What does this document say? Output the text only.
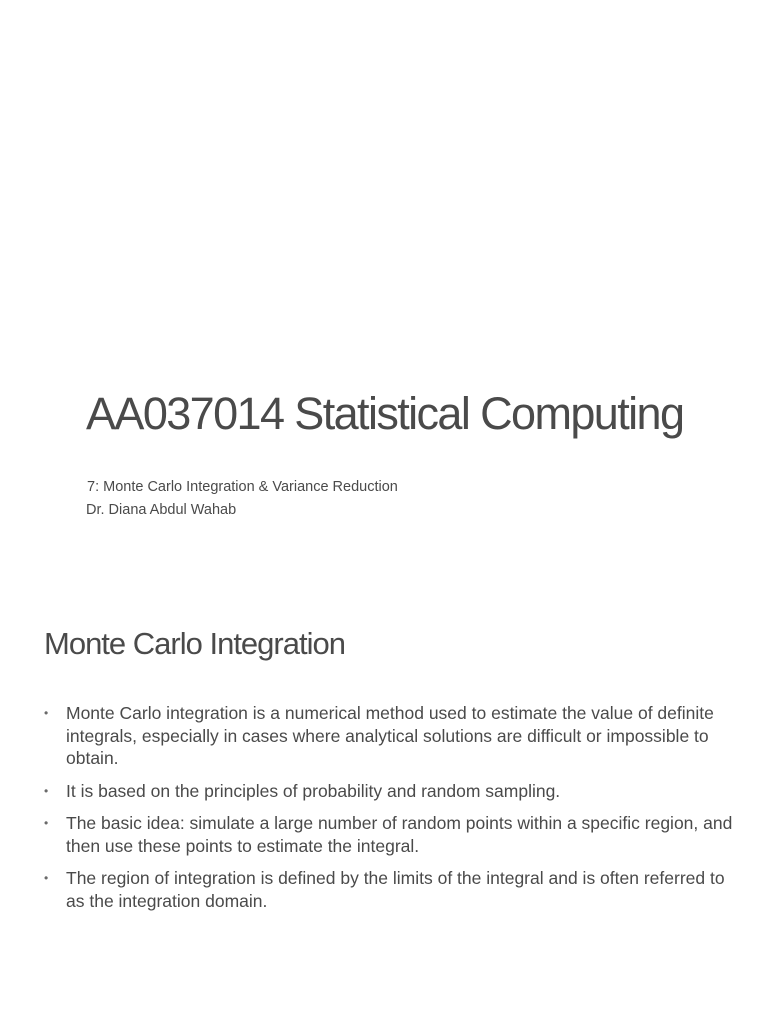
AA037014 Statistical Computing

7: Monte Carlo Integration & Variance Reduction

Dr. Diana Abdul Wahab

Monte Carlo Integration
• Monte Carlo integration is a numerical method used to estimate the value of definite integrals, especially in cases where analytical solutions are difficult or impossible to obtain.
• It is based on the principles of probability and random sampling.
• The basic idea: simulate a large number of random points within a specific region, and then use these points to estimate the integral.
• The region of integration is defined by the limits of the integral and is often referred to as the integration domain.
